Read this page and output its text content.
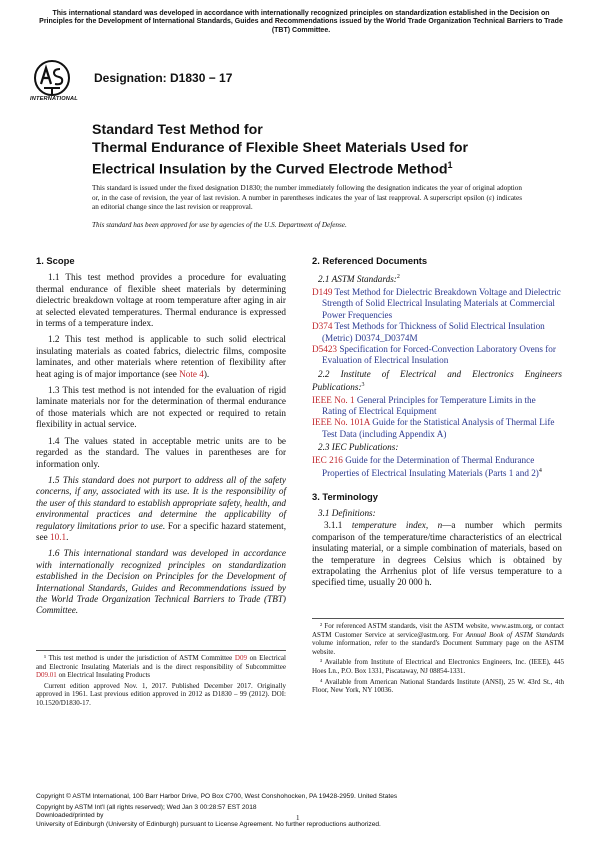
This international standard was developed in accordance with internationally recognized principles on standardization established in the Decision on Principles for the Development of International Standards, Guides and Recommendations issued by the World Trade Organization Technical Barriers to Trade (TBT) Committee.
INTERNATIONAL
Designation: D1830 − 17
Standard Test Method for
Thermal Endurance of Flexible Sheet Materials Used for Electrical Insulation by the Curved Electrode Method$^1$
This standard is issued under the fixed designation D1830; the number immediately following the designation indicates the year of original adoption or, in the case of revision, the year of last revision. A number in parentheses indicates the year of last reapproval. A superscript epsilon (ε) indicates an editorial change since the last revision or reapproval.
This standard has been approved for use by agencies of the U.S. Department of Defense.
1. Scope

1.1 This test method provides a procedure for evaluating thermal endurance of flexible sheet materials by determining dielectric breakdown voltage at room temperature after aging in air at selected elevated temperatures. Thermal endurance is expressed in terms of a temperature index.

1.2 This test method is applicable to such solid electrical insulating materials as coated fabrics, dielectric films, composite laminates, and other materials where retention of flexibility after heat aging is of major importance (see Note 4).

1.3 This test method is not intended for the evaluation of rigid laminate materials nor for the determination of thermal endurance of those materials which are not expected or required to retain flexibility in actual service.

1.4 The values stated in acceptable metric units are to be regarded as the standard. The values in parentheses are for information only.

1.5 This standard does not purport to address all of the safety concerns, if any, associated with its use. It is the responsibility of the user of this standard to establish appropriate safety, health, and environmental practices and determine the applicability of regulatory limitations prior to use. For a specific hazard statement, see 10.1.

1.6 This international standard was developed in accordance with internationally recognized principles on standardization established in the Decision on Principles for the Development of International Standards, Guides and Recommendations issued by the World Trade Organization Technical Barriers to Trade (TBT) Committee.

¹ This test method is under the jurisdiction of ASTM Committee D09 on Electrical and Electronic Insulating Materials and is the direct responsibility of Subcommittee D09.01 on Electrical Insulating Products

Current edition approved Nov. 1, 2017. Published December 2017. Originally approved in 1961. Last previous edition approved in 2012 as D1830 – 99 (2012). DOI: 10.1520/D1830-17.

2. Referenced Documents

2.1 ASTM Standards:$^2$

D149 Test Method for Dielectric Breakdown Voltage and Dielectric Strength of Solid Electrical Insulating Materials at Commercial Power Frequencies

D374 Test Methods for Thickness of Solid Electrical Insulation (Metric) D0374_D0374M

D5423 Specification for Forced-Convection Laboratory Ovens for Evaluation of Electrical Insulation

2.2 Institute of Electrical and Electronics Engineers Publications:$^3$

IEEE No. 1 General Principles for Temperature Limits in the Rating of Electrical Equipment

IEEE No. 101A Guide for the Statistical Analysis of Thermal Life Test Data (including Appendix A)

2.3 IEC Publications:

IEC 216 Guide for the Determination of Thermal Endurance Properties of Electrical Insulating Materials (Parts 1 and 2)$^4$

3. Terminology

3.1 Definitions:

3.1.1 temperature index, n—a number which permits comparison of the temperature/time characteristics of an electrical insulating material, or a simple combination of materials, based on the temperature in degrees Celsius which is obtained by extrapolating the Arrhenius plot of life versus temperature to a specified time, usually 20 000 h.

² For referenced ASTM standards, visit the ASTM website, www.astm.org, or contact ASTM Customer Service at service@astm.org. For Annual Book of ASTM Standards volume information, refer to the standard's Document Summary page on the ASTM website.

³ Available from Institute of Electrical and Electronics Engineers, Inc. (IEEE), 445 Hoes Ln., P.O. Box 1331, Piscataway, NJ 08854-1331.

⁴ Available from American National Standards Institute (ANSI), 25 W. 43rd St., 4th Floor, New York, NY 10036.

Copyright © ASTM International, 100 Barr Harbor Drive, PO Box C700, West Conshohocken, PA 19428-2959. United States
Copyright by ASTM Int'l (all rights reserved); Wed Jan 3 00:28:57 EST 2018
Downloaded/printed by
University of Edinburgh (University of Edinburgh) pursuant to License Agreement. No further reproductions authorized.
1
